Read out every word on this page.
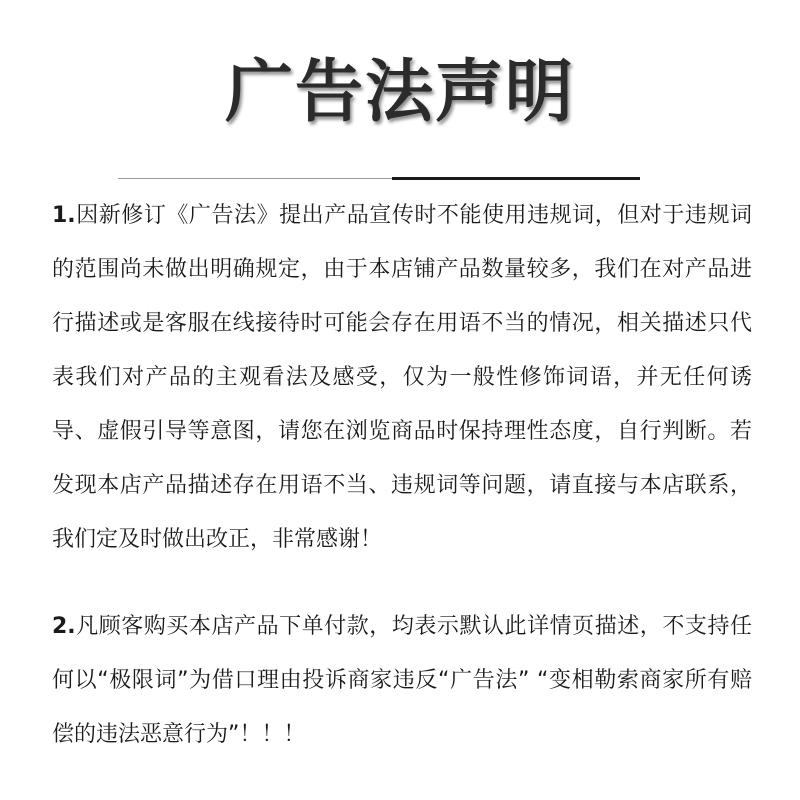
广告法声明

1.因新修订《广告法》提出产品宣传时不能使用违规词，但对于违规词的范围尚未做出明确规定，由于本店铺产品数量较多，我们在对产品进行描述或是客服在线接待时可能会存在用语不当的情况，相关描述只代表我们对产品的主观看法及感受，仅为一般性修饰词语，并无任何诱导、虚假引导等意图，请您在浏览商品时保持理性态度，自行判断。若发现本店产品描述存在用语不当、违规词等问题，请直接与本店联系，我们定及时做出改正，非常感谢！

2.凡顾客购买本店产品下单付款，均表示默认此详情页描述，不支持任何以“极限词”为借口理由投诉商家违反“广告法” “变相勒索商家所有赔偿的违法恶意行为”！！！
